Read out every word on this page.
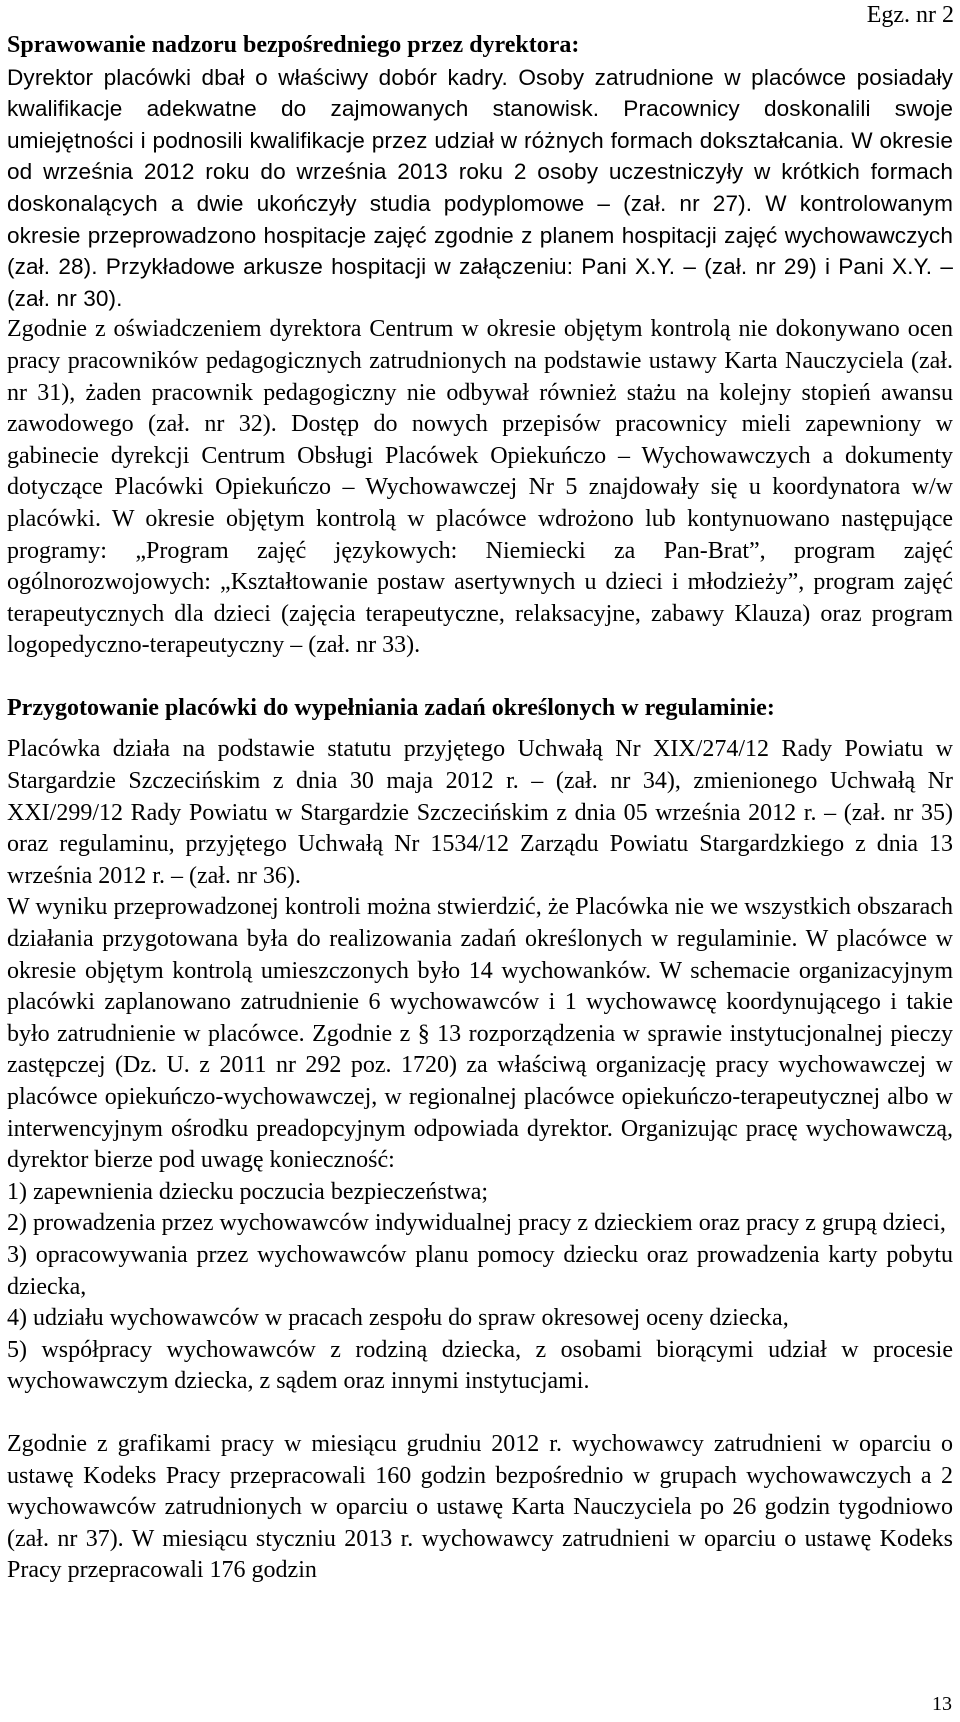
Egz. nr 2
Sprawowanie nadzoru bezpośredniego przez dyrektora:

Dyrektor placówki dbał o właściwy dobór kadry. Osoby zatrudnione w placówce posiadały kwalifikacje adekwatne do zajmowanych stanowisk. Pracownicy doskonalili swoje umiejętności i podnosili kwalifikacje przez udział w różnych formach dokształcania. W okresie od września 2012 roku do września 2013 roku 2 osoby uczestniczyły w krótkich formach doskonalących a dwie ukończyły studia podyplomowe – (zał. nr 27). W kontrolowanym okresie przeprowadzono hospitacje zajęć zgodnie z planem hospitacji zajęć wychowawczych (zał. 28). Przykładowe arkusze hospitacji w załączeniu: Pani X.Y. – (zał. nr 29) i Pani X.Y. – (zał. nr 30).

Zgodnie z oświadczeniem dyrektora Centrum w okresie objętym kontrolą nie dokonywano ocen pracy pracowników pedagogicznych zatrudnionych na podstawie ustawy Karta Nauczyciela (zał. nr 31), żaden pracownik pedagogiczny nie odbywał również stażu na kolejny stopień awansu zawodowego (zał. nr 32). Dostęp do nowych przepisów pracownicy mieli zapewniony w gabinecie dyrekcji Centrum Obsługi Placówek Opiekuńczo – Wychowawczych a dokumenty dotyczące Placówki Opiekuńczo – Wychowawczej Nr 5 znajdowały się u koordynatora w/w placówki. W okresie objętym kontrolą w placówce wdrożono lub kontynuowano następujące programy: „Program zajęć językowych: Niemiecki za Pan-Brat”, program zajęć ogólnorozwojowych: „Kształtowanie postaw asertywnych u dzieci i młodzieży”, program zajęć terapeutycznych dla dzieci (zajęcia terapeutyczne, relaksacyjne, zabawy Klauza) oraz program logopedyczno-terapeutyczny – (zał. nr 33).

Przygotowanie placówki do wypełniania zadań określonych w regulaminie:

Placówka działa na podstawie statutu przyjętego Uchwałą Nr XIX/274/12 Rady Powiatu w Stargardzie Szczecińskim z dnia 30 maja 2012 r. – (zał. nr 34), zmienionego Uchwałą Nr XXI/299/12 Rady Powiatu w Stargardzie Szczecińskim z dnia 05 września 2012 r. – (zał. nr 35) oraz regulaminu, przyjętego Uchwałą Nr 1534/12 Zarządu Powiatu Stargardzkiego z dnia 13 września 2012 r. – (zał. nr 36).

W wyniku przeprowadzonej kontroli można stwierdzić, że Placówka nie we wszystkich obszarach działania przygotowana była do realizowania zadań określonych w regulaminie. W placówce w okresie objętym kontrolą umieszczonych było 14 wychowanków. W schemacie organizacyjnym placówki zaplanowano zatrudnienie 6 wychowawców i 1 wychowawcę koordynującego i takie było zatrudnienie w placówce. Zgodnie z § 13 rozporządzenia w sprawie instytucjonalnej pieczy zastępczej (Dz. U. z 2011 nr 292 poz. 1720) za właściwą organizację pracy wychowawczej w placówce opiekuńczo-wychowawczej, w regionalnej placówce opiekuńczo-terapeutycznej albo w interwencyjnym ośrodku preadopcyjnym odpowiada dyrektor. Organizując pracę wychowawczą, dyrektor bierze pod uwagę konieczność:

1) zapewnienia dziecku poczucia bezpieczeństwa;
2) prowadzenia przez wychowawców indywidualnej pracy z dzieckiem oraz pracy z grupą dzieci,
3) opracowywania przez wychowawców planu pomocy dziecku oraz prowadzenia karty pobytu dziecka,
4) udziału wychowawców w pracach zespołu do spraw okresowej oceny dziecka,
5) współpracy wychowawców z rodziną dziecka, z osobami biorącymi udział w procesie wychowawczym dziecka, z sądem oraz innymi instytucjami.

Zgodnie z grafikami pracy w miesiącu grudniu 2012 r. wychowawcy zatrudnieni w oparciu o ustawę Kodeks Pracy przepracowali 160 godzin bezpośrednio w grupach wychowawczych a 2 wychowawców zatrudnionych w oparciu o ustawę Karta Nauczyciela po 26 godzin tygodniowo (zał. nr 37). W miesiącu styczniu 2013 r. wychowawcy zatrudnieni w oparciu o ustawę Kodeks Pracy przepracowali 176 godzin

13
